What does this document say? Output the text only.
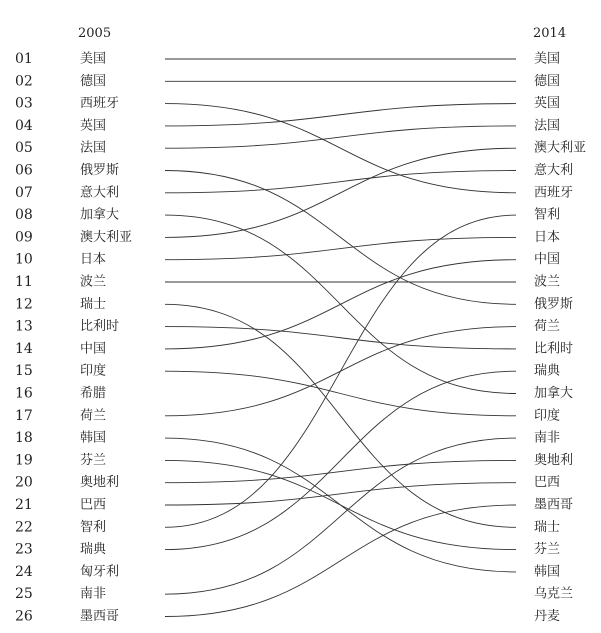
2005	2014
01
02
03
04
05
06
07
08
09
10
11
12
13
14
15
16
17
18
19
20
21
22
23
24
25
26
美国
德国
西班牙
英国
法国
俄罗斯
意大利
加拿大
澳大利亚
日本
波兰
瑞士
比利时
中国
印度
希腊
荷兰
韩国
芬兰
奥地利
巴西
智利
瑞典
匈牙利
南非
墨西哥
美国
德国
英国
法国
澳大利亚
意大利
西班牙
智利
日本
中国
波兰
俄罗斯
荷兰
比利时
瑞典
加拿大
印度
南非
奥地利
巴西
墨西哥
瑞士
芬兰
韩国
乌克兰
丹麦
